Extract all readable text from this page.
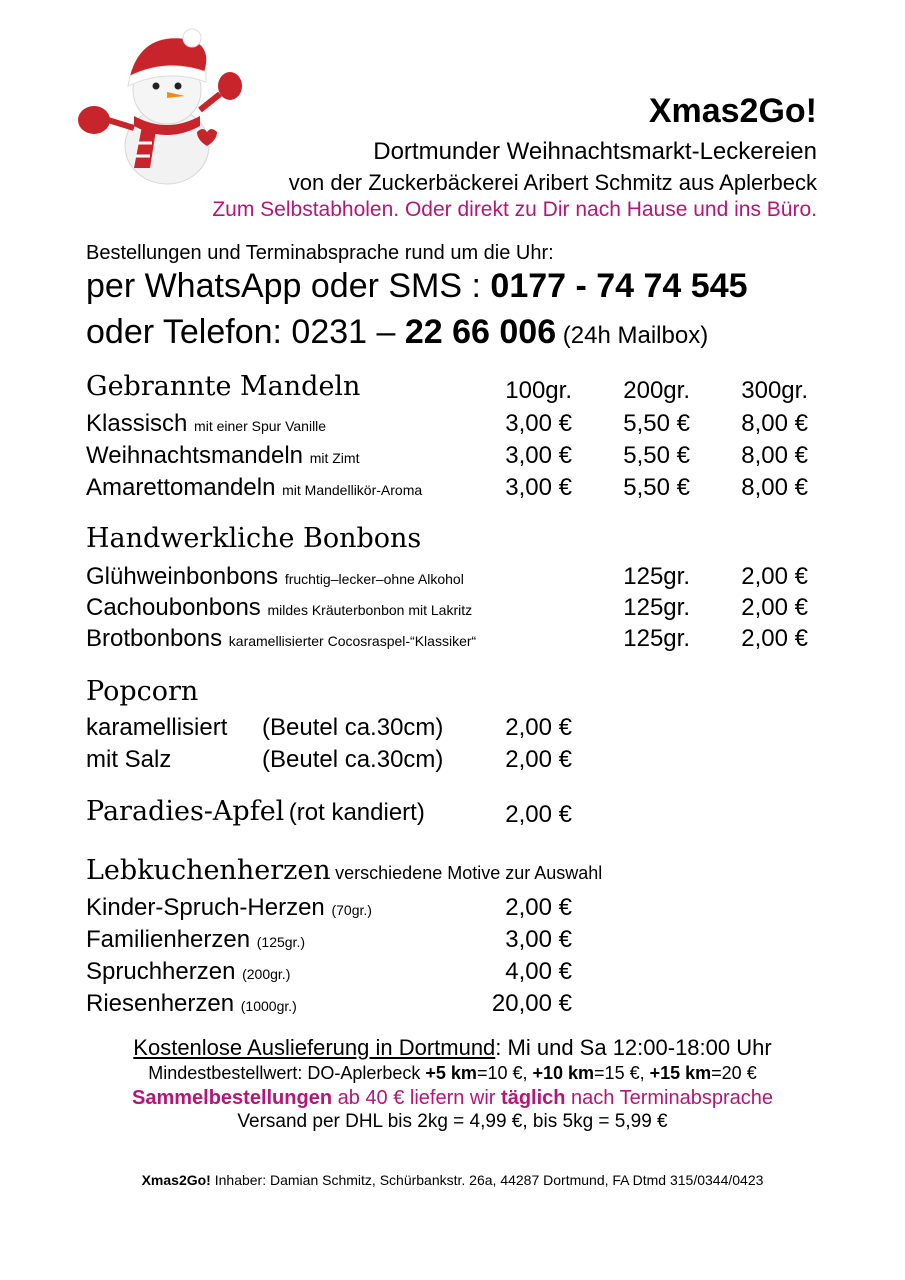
Xmas2Go!
Dortmunder Weihnachtsmarkt-Leckereien
von der Zuckerbäckerei Aribert Schmitz aus Aplerbeck
Zum Selbstabholen. Oder direkt zu Dir nach Hause und ins Büro.
Bestellungen und Terminabsprache rund um die Uhr:
per WhatsApp oder SMS : 0177 - 74 74 545
oder Telefon: 0231 – 22 66 006 (24h Mailbox)
Gebrannte Mandeln	100gr.	200gr.	300gr.
Klassisch mit einer Spur Vanille	3,00 €	5,50 €	8,00 €
Weihnachtsmandeln mit Zimt	3,00 €	5,50 €	8,00 €
Amarettomandeln mit Mandellikör-Aroma	3,00 €	5,50 €	8,00 €
Handwerkliche Bonbons
Glühweinbonbons fruchtig–lecker–ohne Alkohol	125gr.	2,00 €
Cachoubonbons mildes Kräuterbonbon mit Lakritz	125gr.	2,00 €
Brotbonbons karamellisierter Cocosraspel-“Klassiker“	125gr.	2,00 €
Popcorn
karamellisiert (Beutel ca.30cm)	2,00 €
mit Salz	(Beutel ca.30cm)	2,00 €
Paradies-Apfel (rot kandiert)	2,00 €
Lebkuchenherzen verschiedene Motive zur Auswahl
Kinder-Spruch-Herzen (70gr.)	2,00 €
Familienherzen (125gr.)	3,00 €
Spruchherzen (200gr.)	4,00 €
Riesenherzen (1000gr.)	20,00 €
Kostenlose Auslieferung in Dortmund: Mi und Sa 12:00-18:00 Uhr
Mindestbestellwert: DO-Aplerbeck +5 km=10 €, +10 km=15 €, +15 km=20 €
Sammelbestellungen ab 40 € liefern wir täglich nach Terminabsprache
Versand per DHL bis 2kg = 4,99 €, bis 5kg = 5,99 €
Xmas2Go! Inhaber: Damian Schmitz, Schürbankstr. 26a, 44287 Dortmund, FA Dtmd 315/0344/0423
